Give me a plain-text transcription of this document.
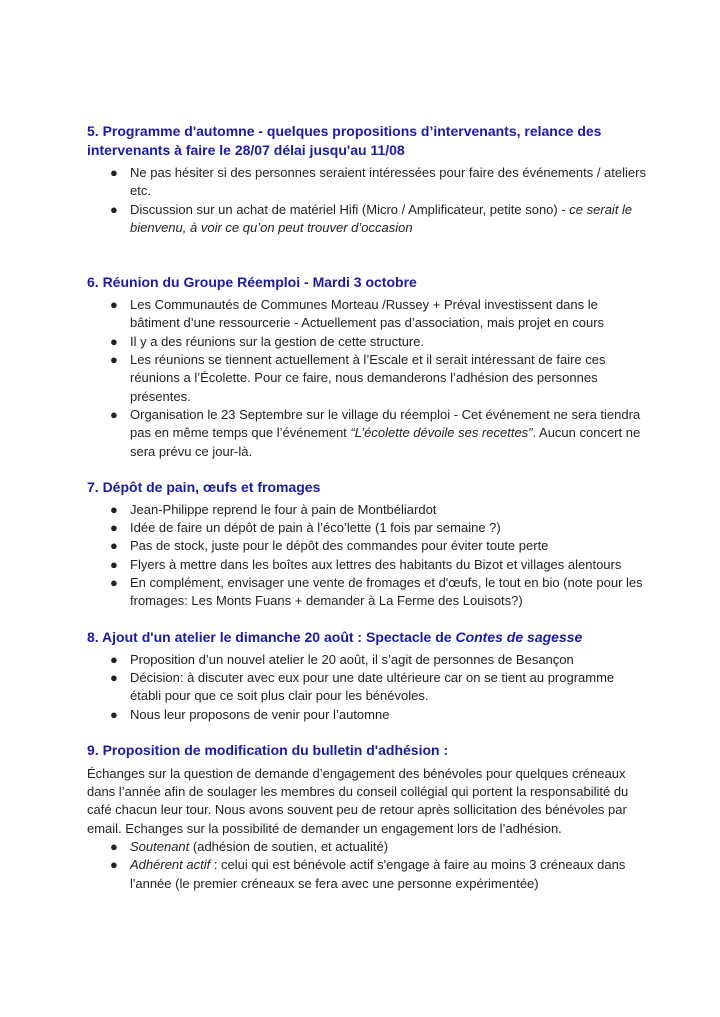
5. Programme d'automne - quelques propositions d’intervenants, relance des intervenants à faire le 28/07 délai jusqu'au 11/08
● Ne pas hésiter si des personnes seraient intéressées pour faire des événements / ateliers etc.
● Discussion sur un achat de matériel Hifi (Micro / Amplificateur, petite sono) - ce serait le bienvenu, à voir ce qu’on peut trouver d’occasion
6. Réunion du Groupe Réemploi - Mardi 3 octobre
● Les Communautés de Communes Morteau /Russey + Préval investissent dans le bâtiment d’une ressourcerie - Actuellement pas d’association, mais projet en cours
● Il y a des réunions sur la gestion de cette structure.
● Les réunions se tiennent actuellement à l’Escale et il serait intéressant de faire ces réunions a l’Écolette. Pour ce faire, nous demanderons l’adhésion des personnes présentes.
● Organisation le 23 Septembre sur le village du réemploi - Cet événement ne sera tiendra pas en même temps que l’événement “L’écolette dévoile ses recettes”. Aucun concert ne sera prévu ce jour-là.
7. Dépôt de pain, œufs et fromages
● Jean-Philippe reprend le four à pain de Montbéliardot
● Idée de faire un dépôt de pain à l’éco’lette (1 fois par semaine ?)
● Pas de stock, juste pour le dépôt des commandes pour éviter toute perte
● Flyers à mettre dans les boîtes aux lettres des habitants du Bizot et villages alentours
● En complément, envisager une vente de fromages et d'œufs, le tout en bio (note pour les fromages: Les Monts Fuans + demander à La Ferme des Louisots?)
8. Ajout d'un atelier le dimanche 20 août : Spectacle de Contes de sagesse
● Proposition d’un nouvel atelier le 20 août, il s’agit de personnes de Besançon
● Décision: à discuter avec eux pour une date ultérieure car on se tient au programme établi pour que ce soit plus clair pour les bénévoles.
● Nous leur proposons de venir pour l’automne
9. Proposition de modification du bulletin d'adhésion :

Échanges sur la question de demande d’engagement des bénévoles pour quelques créneaux dans l’année afin de soulager les membres du conseil collégial qui portent la responsabilité du café chacun leur tour. Nous avons souvent peu de retour après sollicitation des bénévoles par email. Echanges sur la possibilité de demander un engagement lors de l’adhésion.

● Soutenant (adhésion de soutien, et actualité)
● Adhérent actif : celui qui est bénévole actif s'engage à faire au moins 3 créneaux dans l'année (le premier créneaux se fera avec une personne expérimentée)
